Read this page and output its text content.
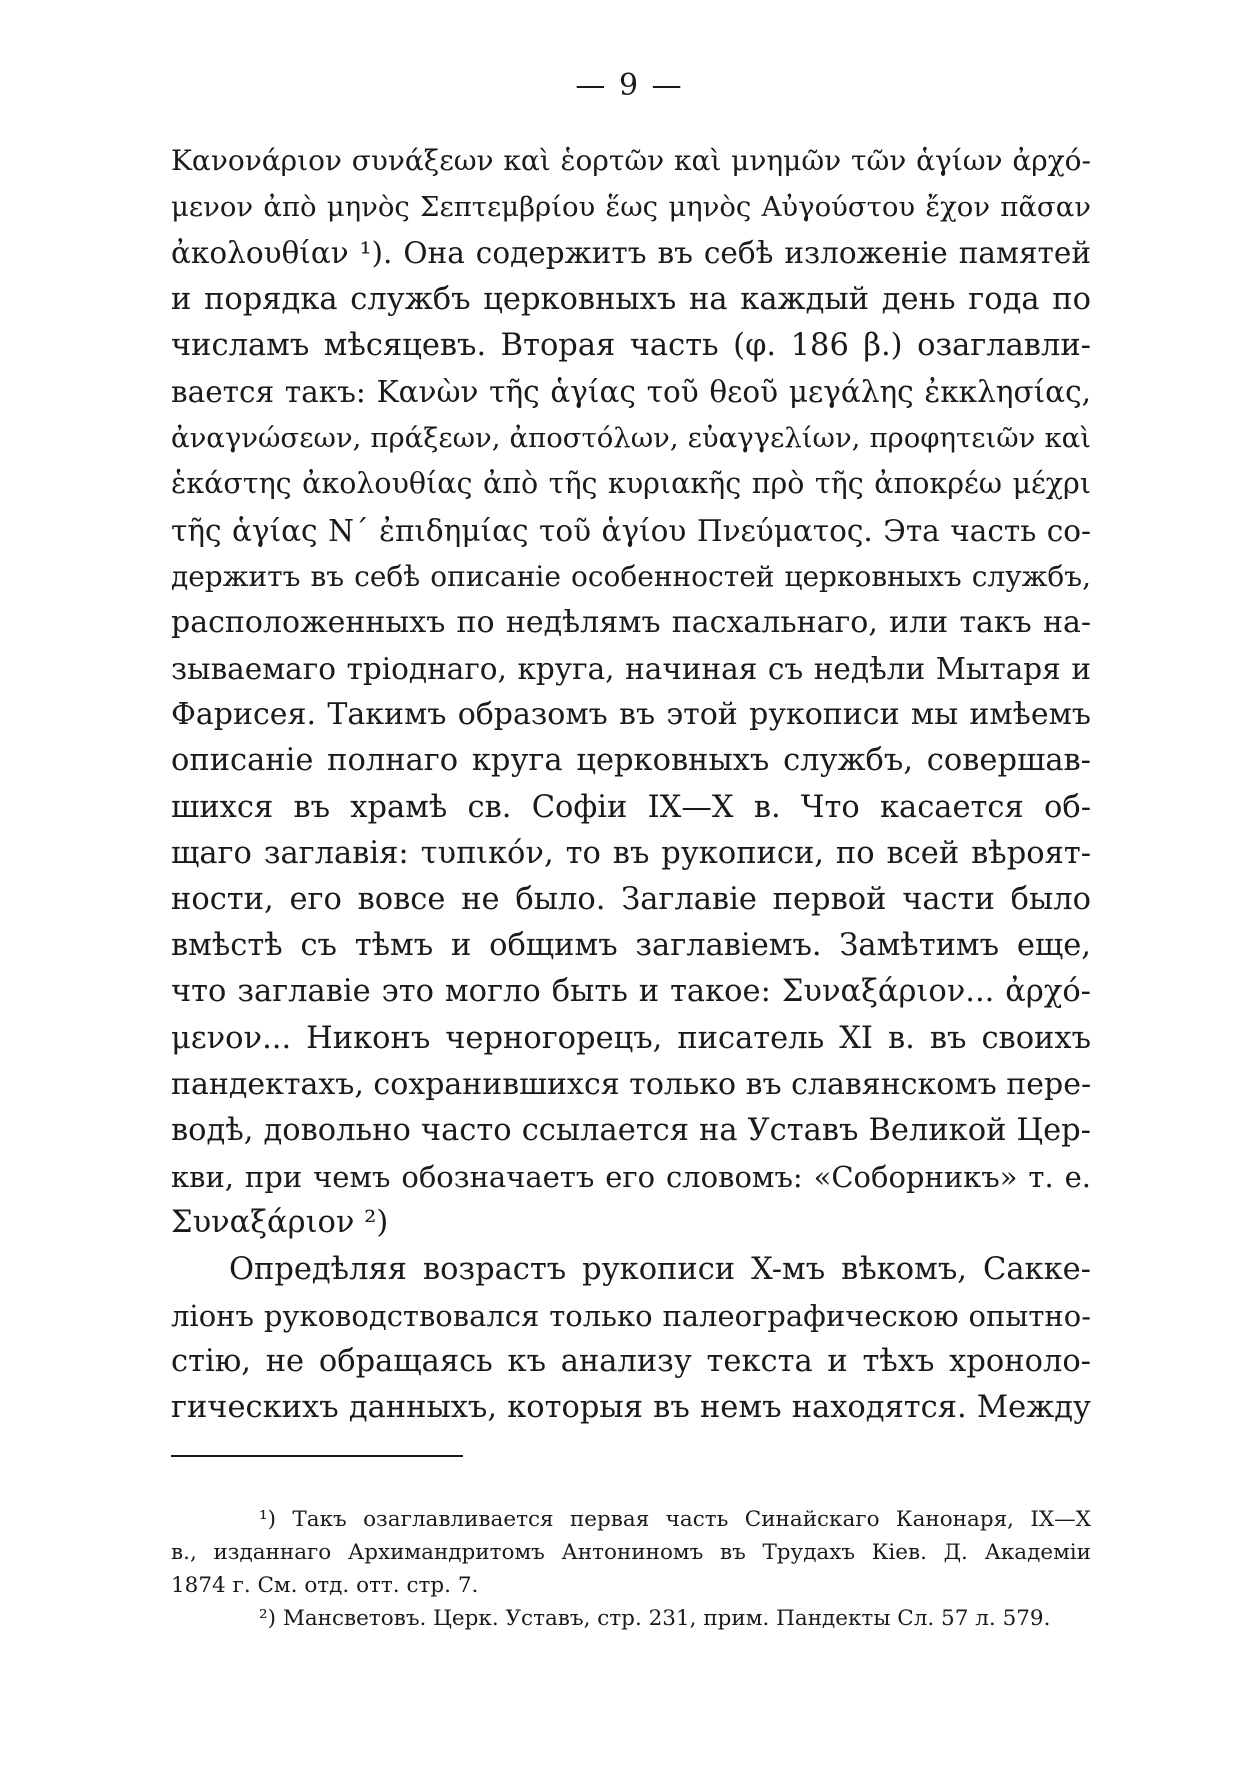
— 9 —
Κανονάριον συνάξεων καὶ ἑορτῶν καὶ μνημῶν τῶν ἁγίων ἀρχό-
μενον ἀπὸ μηνὸς Σεπτεμβρίου ἕως μηνὸς Αὐγούστου ἔχον πᾶσαν
ἀκολουθίαν ¹). Она содержитъ въ себѣ изложеніе памятей
и порядка службъ церковныхъ на каждый день года по
числамъ мѣсяцевъ. Вторая часть (φ. 186 β.) озаглавли-
вается такъ: Κανὼν τῆς ἁγίας τοῦ θεοῦ μεγάλης ἐκκλησίας,
ἀναγνώσεων, πράξεων, ἀποστόλων, εὐαγγελίων, προφητειῶν καὶ
ἑκάστης ἀκολουθίας ἀπὸ τῆς κυριακῆς πρὸ τῆς ἀποκρέω μέχρι
τῆς ἁγίας Ν΄ ἐπιδημίας τοῦ ἁγίου Πνεύματος. Эта часть со-
держитъ въ себѣ описаніе особенностей церковныхъ службъ,
расположенныхъ по недѣлямъ пасхальнаго, или такъ на-
зываемаго тріоднаго, круга, начиная съ недѣли Мытаря и
Фарисея. Такимъ образомъ въ этой рукописи мы имѣемъ
описаніе полнаго круга церковныхъ службъ, совершав-
шихся въ храмѣ св. Софіи IX—X в. Что касается об-
щаго заглавія: τυπικόν, то въ рукописи, по всей вѣроят-
ности, его вовсе не было. Заглавіе первой части было
вмѣстѣ съ тѣмъ и общимъ заглавіемъ. Замѣтимъ еще,
что заглавіе это могло быть и такое: Συναξάριον... ἀρχό-
μενον... Никонъ черногорецъ, писатель XI в. въ своихъ
пандектахъ, сохранившихся только въ славянскомъ пере-
водѣ, довольно часто ссылается на Уставъ Великой Цер-
кви, при чемъ обозначаетъ его словомъ: «Соборникъ» т. е.
Συναξάριον ²)
Опредѣляя возрастъ рукописи X-мъ вѣкомъ, Сакке-
ліонъ руководствовался только палеографическою опытно-
стію, не обращаясь къ анализу текста и тѣхъ хроноло-
гическихъ данныхъ, которыя въ немъ находятся. Между
¹) Такъ озаглавливается первая часть Синайскаго Канонаря, IX—X
в., изданнаго Архимандритомъ Антониномъ въ Трудахъ Кіев. Д. Академіи
1874 г. См. отд. отт. стр. 7.
²) Мансветовъ. Церк. Уставъ, стр. 231, прим. Пандекты Сл. 57 л. 579.
